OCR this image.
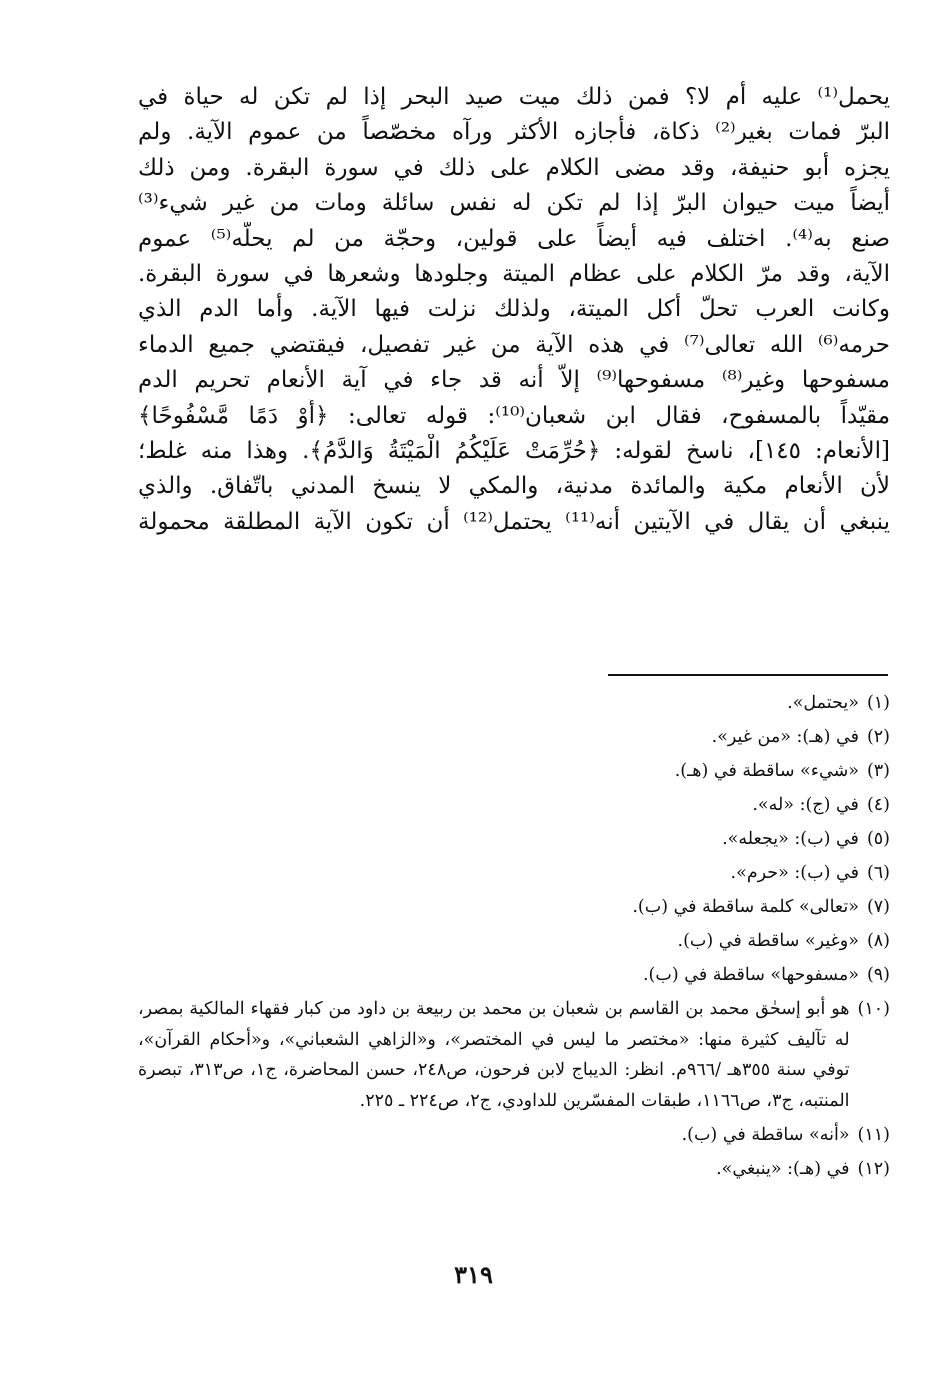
يحمل⁽¹⁾ عليه أم لا؟ فمن ذلك ميت صيد البحر إذا لم تكن له حياة في
البرّ فمات بغير⁽²⁾ ذكاة، فأجازه الأكثر ورآه مخصّصاً من عموم الآية. ولم
يجزه أبو حنيفة، وقد مضى الكلام على ذلك في سورة البقرة. ومن ذلك
أيضاً ميت حيوان البرّ إذا لم تكن له نفس سائلة ومات من غير شيء⁽³⁾
صنع به⁽⁴⁾. اختلف فيه أيضاً على قولين، وحجّة من لم يحلّه⁽⁵⁾ عموم
الآية، وقد مرّ الكلام على عظام الميتة وجلودها وشعرها في سورة البقرة.
وكانت العرب تحلّ أكل الميتة، ولذلك نزلت فيها الآية. وأما الدم الذي
حرمه⁽⁶⁾ الله تعالى⁽⁷⁾ في هذه الآية من غير تفصيل، فيقتضي جميع الدماء
مسفوحها وغير⁽⁸⁾ مسفوحها⁽⁹⁾ إلاّ أنه قد جاء في آية الأنعام تحريم الدم
مقيّداً بالمسفوح، فقال ابن شعبان⁽¹⁰⁾: قوله تعالى: ﴿أَوْ دَمًا مَّسْفُوحًا﴾
[الأنعام: ١٤٥]، ناسخ لقوله: ﴿حُرِّمَتْ عَلَيْكُمُ الْمَيْتَةُ وَالدَّمُ﴾. وهذا منه غلط؛
لأن الأنعام مكية والمائدة مدنية، والمكي لا ينسخ المدني باتّفاق. والذي
ينبغي أن يقال في الآيتين أنه⁽¹¹⁾ يحتمل⁽¹²⁾ أن تكون الآية المطلقة محمولة
(١)
«يحتمل».
(٢)
في (هـ): «من غير».
(٣)
«شيء» ساقطة في (هـ).
(٤)
في (ج): «له».
(٥)
في (ب): «يجعله».
(٦)
في (ب): «حرم».
(٧)
«تعالى» كلمة ساقطة في (ب).
(٨)
«وغير» ساقطة في (ب).
(٩)
«مسفوحها» ساقطة في (ب).
(١٠)
هو أبو إسحٰق محمد بن القاسم بن شعبان بن محمد بن ربيعة بن داود من كبار فقهاء المالكية بمصر، له تآليف كثيرة منها: «مختصر ما ليس في المختصر»، و«الزاهي الشعباني»، و«أحكام القرآن»، توفي سنة ٣٥٥هـ /٩٦٦م. انظر: الديباج لابن فرحون، ص٢٤٨، حسن المحاضرة، ج١، ص٣١٣، تبصرة المنتبه، ج٣، ص١١٦٦، طبقات المفسّرين للداودي، ج٢، ص٢٢٤ ـ ٢٢٥.
(١١)
«أنه» ساقطة في (ب).
(١٢)
في (هـ): «ينبغي».
٣١٩
